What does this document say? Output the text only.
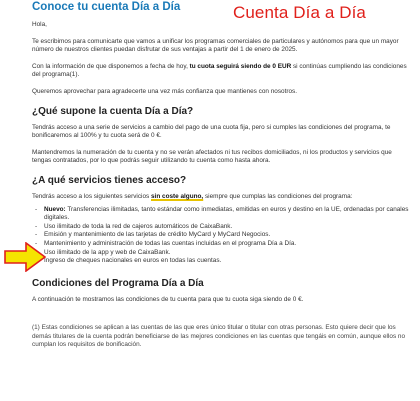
Conoce tu cuenta Día a Día	Cuenta Día a Día

Hola,

Te escribimos para comunicarte que vamos a unificar los programas comerciales de particulares y autónomos para que un mayor número de nuestros clientes puedan disfrutar de sus ventajas a partir del 1 de enero de 2025.

Con la información de que disponemos a fecha de hoy, tu cuota seguirá siendo de 0 EUR si continúas cumpliendo las condiciones del programa(1).

Queremos aprovechar para agradecerte una vez más confianza que mantienes con nosotros.

¿Qué supone la cuenta Día a Día?

Tendrás acceso a una serie de servicios a cambio del pago de una cuota fija, pero si cumples las condiciones del programa, te bonificaremos al 100% y tu cuota será de 0 €.

Mantendremos la numeración de tu cuenta y no se verán afectados ni tus recibos domiciliados, ni los productos y servicios que tengas contratados, por lo que podrás seguir utilizando tu cuenta como hasta ahora.

¿A qué servicios tienes acceso?

Tendrás acceso a los siguientes servicios sin coste alguno, siempre que cumplas las condiciones del programa:

- Nuevo: Transferencias ilimitadas, tanto estándar como inmediatas, emitidas en euros y destino en la UE, ordenadas por canales digitales.
- Uso ilimitado de toda la red de cajeros automáticos de CaixaBank.
- Emisión y mantenimiento de las tarjetas de crédito MyCard y MyCard Negocios.
- Mantenimiento y administración de todas las cuentas incluidas en el programa Día a Día.
Uso ilimitado de la app y web de CaixaBank.
Ingreso de cheques nacionales en euros en todas las cuentas.
Condiciones del Programa Día a Día

A continuación te mostramos las condiciones de tu cuenta para que tu cuota siga siendo de 0 €.

(1) Estas condiciones se aplican a las cuentas de las que eres único titular o titular con otras personas. Esto quiere decir que los demás titulares de la cuenta podrán beneficiarse de las mejores condiciones en las cuentas que tengáis en común, aunque ellos no cumplan los requisitos de bonificación.
